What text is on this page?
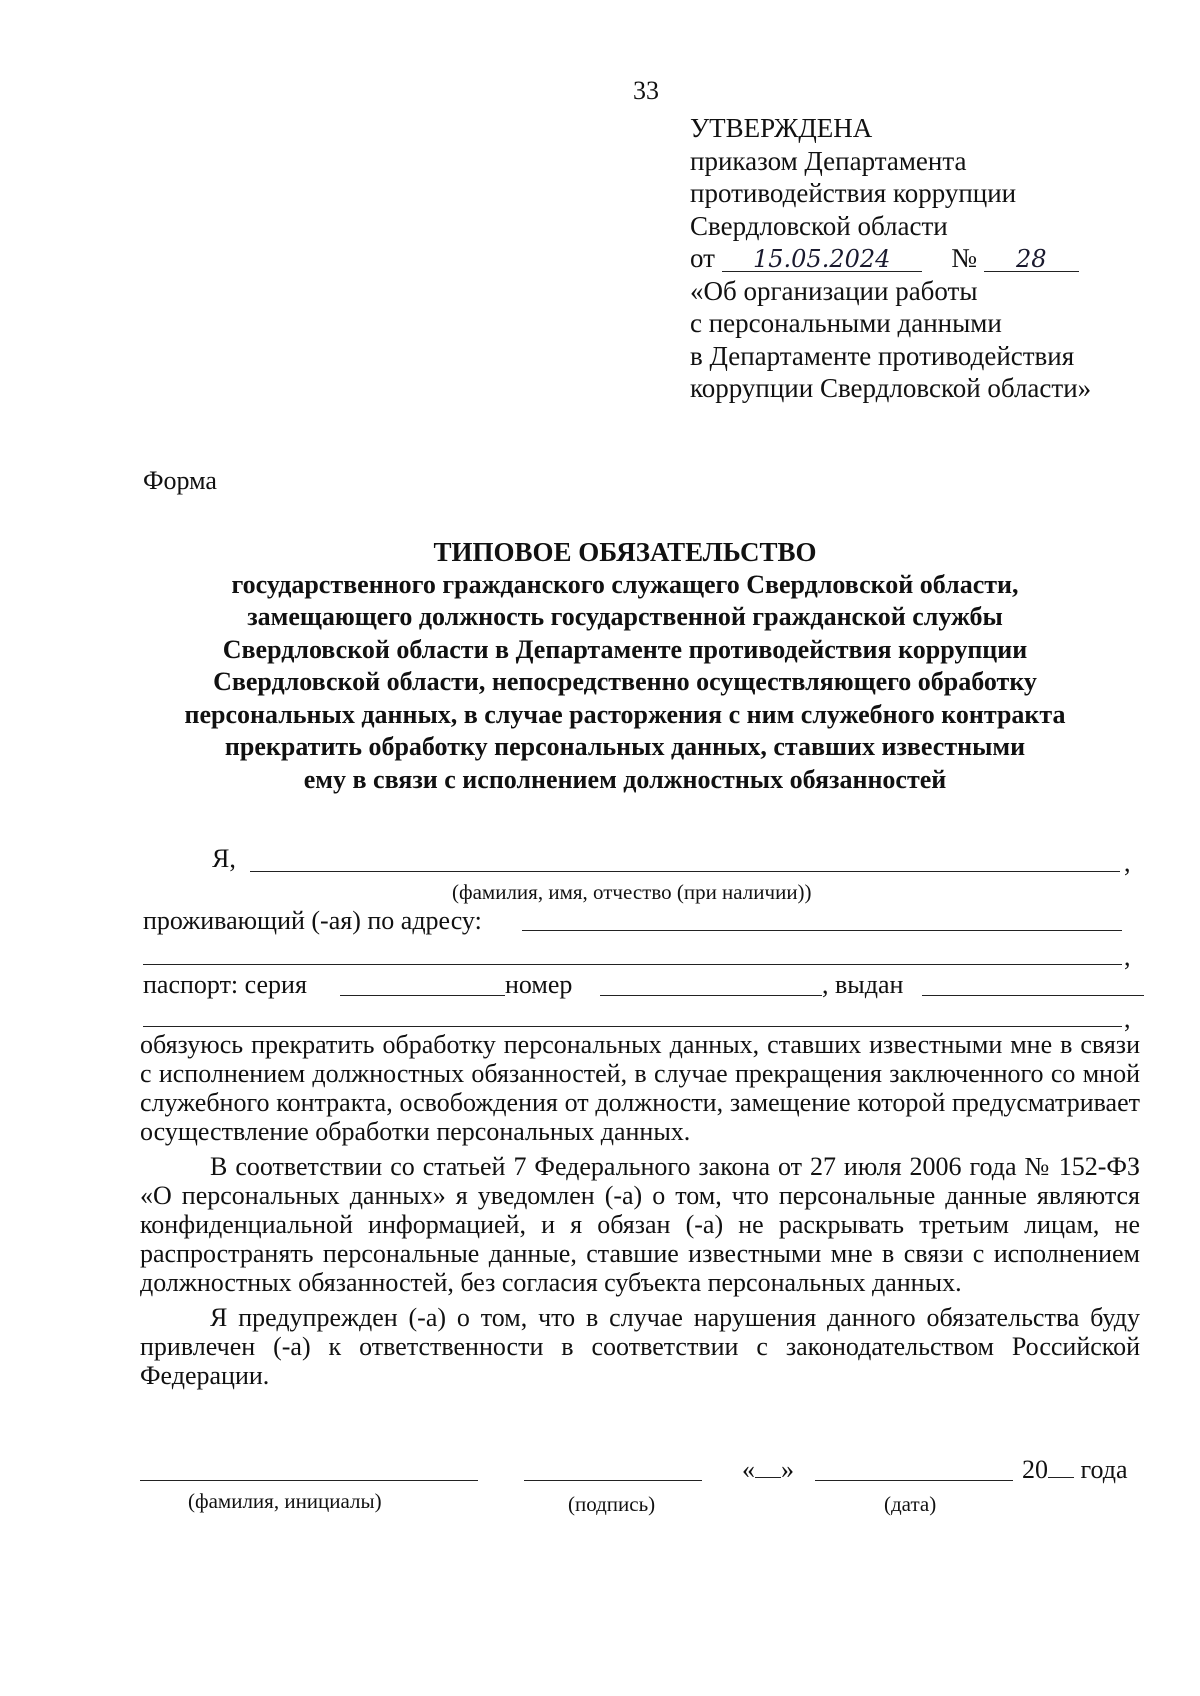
33
УТВЕРЖДЕНА
приказом Департамента
противодействия коррупции
Свердловской области
от 15.05.2024 № 28
«Об организации работы
с персональными данными
в Департаменте противодействия
коррупции Свердловской области»
Форма
ТИПОВОЕ ОБЯЗАТЕЛЬСТВО
государственного гражданского служащего Свердловской области,
замещающего должность государственной гражданской службы
Свердловской области в Департаменте противодействия коррупции
Свердловской области, непосредственно осуществляющего обработку
персональных данных, в случае расторжения с ним служебного контракта
прекратить обработку персональных данных, ставших известными
ему в связи с исполнением должностных обязанностей
Я,	,
(фамилия, имя, отчество (при наличии))
проживающий (-ая) по адресу:
,
паспорт: серия	номер	, выдан
,

обязуюсь прекратить обработку персональных данных, ставших известными мне в связи с исполнением должностных обязанностей, в случае прекращения заключенного со мной служебного контракта, освобождения от должности, замещение которой предусматривает осуществление обработки персональных данных.

В соответствии со статьей 7 Федерального закона от 27 июля 2006 года № 152-ФЗ «О персональных данных» я уведомлен (-а) о том, что персональные данные являются конфиденциальной информацией, и я обязан (-а) не раскрывать третьим лицам, не распространять персональные данные, ставшие известными мне в связи с исполнением должностных обязанностей, без согласия субъекта персональных данных.

Я предупрежден (-а) о том, что в случае нарушения данного обязательства буду привлечен (-а) к ответственности в соответствии с законодательством Российской Федерации.

« »	20 года
(фамилия, инициалы)	(подпись)	(дата)
